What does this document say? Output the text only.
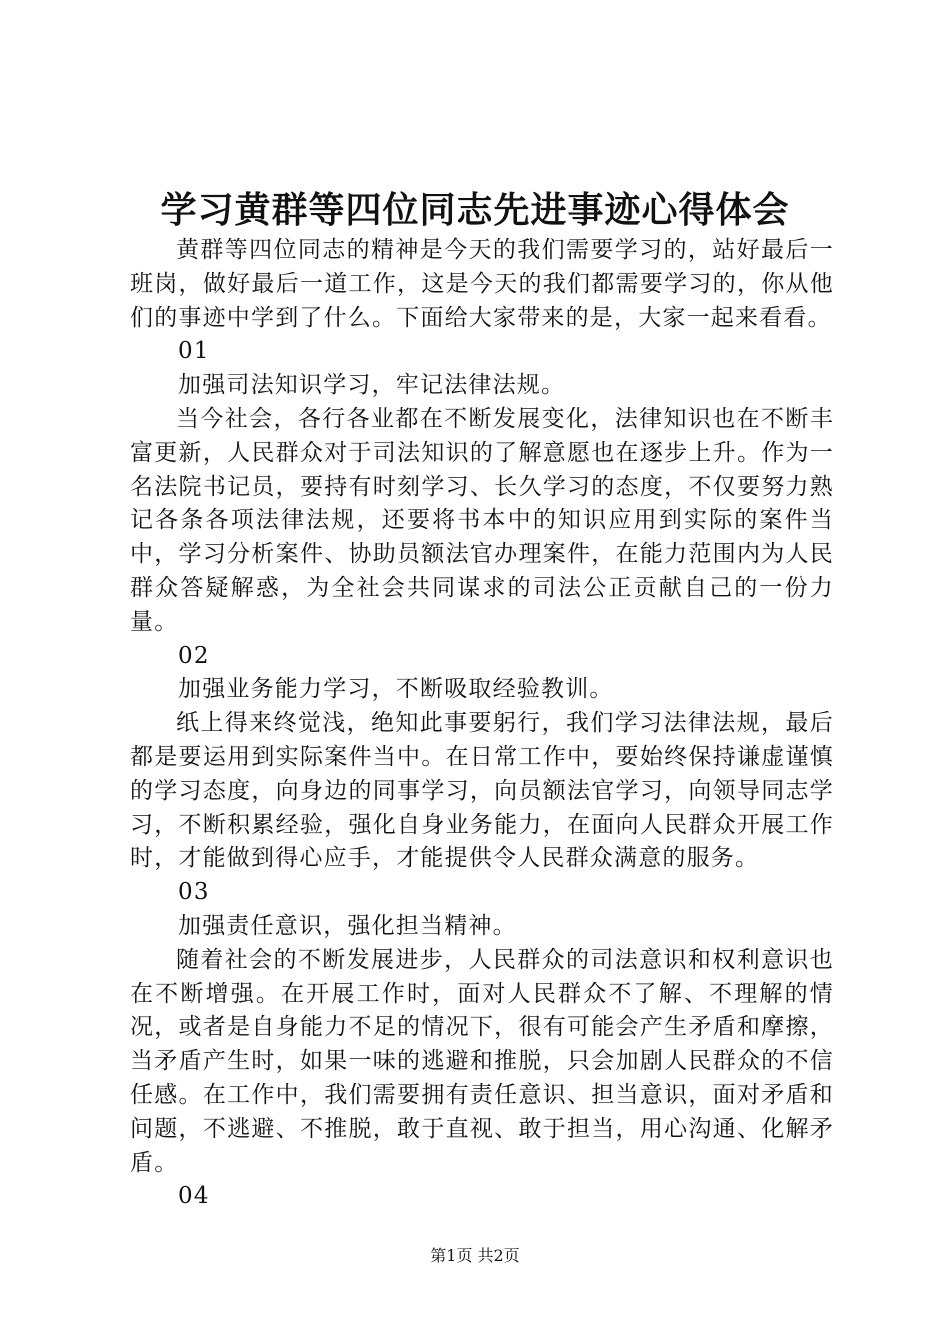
学习黄群等四位同志先进事迹心得体会

黄群等四位同志的精神是今天的我们需要学习的，站好最后一班岗，做好最后一道工作，这是今天的我们都需要学习的，你从他们的事迹中学到了什么。下面给大家带来的是，大家一起来看看。

01

加强司法知识学习，牢记法律法规。

当今社会，各行各业都在不断发展变化，法律知识也在不断丰富更新，人民群众对于司法知识的了解意愿也在逐步上升。作为一名法院书记员，要持有时刻学习、长久学习的态度，不仅要努力熟记各条各项法律法规，还要将书本中的知识应用到实际的案件当中，学习分析案件、协助员额法官办理案件，在能力范围内为人民群众答疑解惑，为全社会共同谋求的司法公正贡献自己的一份力量。

02

加强业务能力学习，不断吸取经验教训。

纸上得来终觉浅，绝知此事要躬行，我们学习法律法规，最后都是要运用到实际案件当中。在日常工作中，要始终保持谦虚谨慎的学习态度，向身边的同事学习，向员额法官学习，向领导同志学习，不断积累经验，强化自身业务能力，在面向人民群众开展工作时，才能做到得心应手，才能提供令人民群众满意的服务。

03

加强责任意识，强化担当精神。

随着社会的不断发展进步，人民群众的司法意识和权利意识也在不断增强。在开展工作时，面对人民群众不了解、不理解的情况，或者是自身能力不足的情况下，很有可能会产生矛盾和摩擦，当矛盾产生时，如果一味的逃避和推脱，只会加剧人民群众的不信任感。在工作中，我们需要拥有责任意识、担当意识，面对矛盾和问题，不逃避、不推脱，敢于直视、敢于担当，用心沟通、化解矛盾。

04

第1页 共2页
